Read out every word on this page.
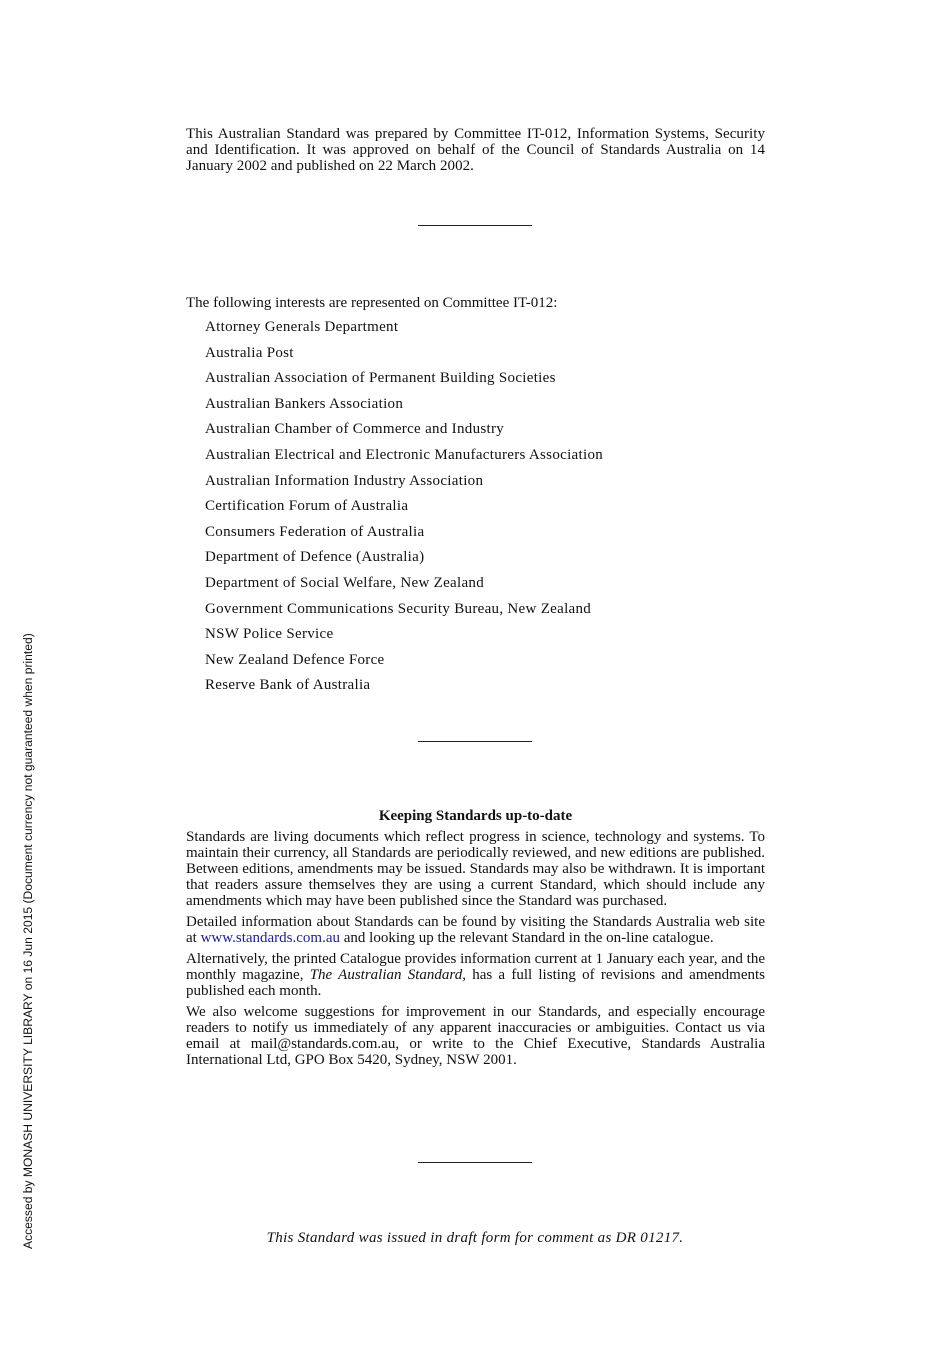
This Australian Standard was prepared by Committee IT-012, Information Systems, Security and Identification. It was approved on behalf of the Council of Standards Australia on 14 January 2002 and published on 22 March 2002.
The following interests are represented on Committee IT-012:
Attorney Generals Department
Australia Post
Australian Association of Permanent Building Societies
Australian Bankers Association
Australian Chamber of Commerce and Industry
Australian Electrical and Electronic Manufacturers Association
Australian Information Industry Association
Certification Forum of Australia
Consumers Federation of Australia
Department of Defence (Australia)
Department of Social Welfare, New Zealand
Government Communications Security Bureau, New Zealand
NSW Police Service
New Zealand Defence Force
Reserve Bank of Australia
Keeping Standards up-to-date

Standards are living documents which reflect progress in science, technology and systems. To maintain their currency, all Standards are periodically reviewed, and new editions are published. Between editions, amendments may be issued. Standards may also be withdrawn. It is important that readers assure themselves they are using a current Standard, which should include any amendments which may have been published since the Standard was purchased.

Detailed information about Standards can be found by visiting the Standards Australia web site at www.standards.com.au and looking up the relevant Standard in the on-line catalogue.

Alternatively, the printed Catalogue provides information current at 1 January each year, and the monthly magazine, The Australian Standard, has a full listing of revisions and amendments published each month.

We also welcome suggestions for improvement in our Standards, and especially encourage readers to notify us immediately of any apparent inaccuracies or ambiguities. Contact us via email at mail@standards.com.au, or write to the Chief Executive, Standards Australia International Ltd, GPO Box 5420, Sydney, NSW 2001.

This Standard was issued in draft form for comment as DR 01217.
Accessed by MONASH UNIVERSITY LIBRARY on 16 Jun 2015 (Document currency not guaranteed when printed)
